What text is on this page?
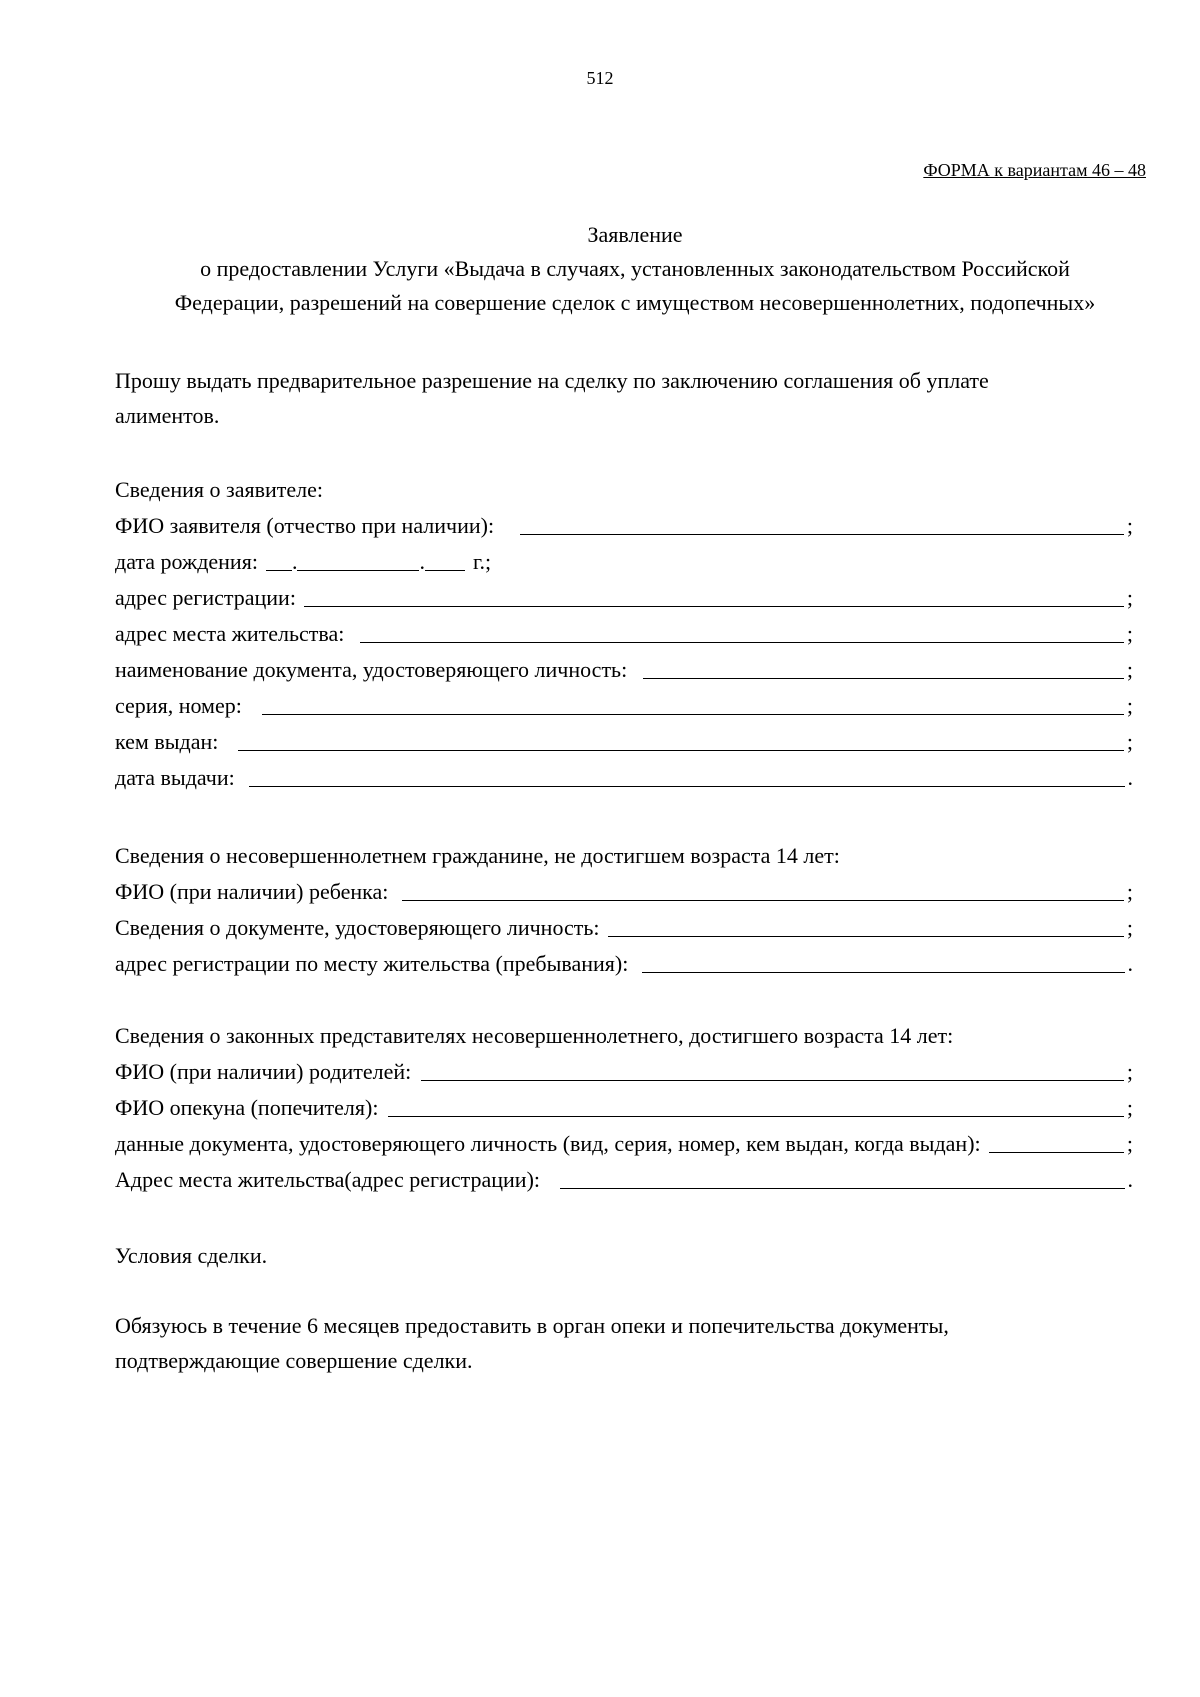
512
ФОРМА к вариантам 46 – 48
Заявление
о предоставлении Услуги «Выдача в случаях, установленных законодательством Российской
Федерации, разрешений на совершение сделок с имуществом несовершеннолетних, подопечных»
Прошу выдать предварительное разрешение на сделку по заключению соглашения об уплате
алиментов.
Сведения о заявителе:
ФИО заявителя (отчество при наличии):	;
дата рождения: .	. г.;
адрес регистрации:	;
адрес места жительства:	;
наименование документа, удостоверяющего личность:	;
серия, номер:	;
кем выдан:	;
дата выдачи:	.
Сведения о несовершеннолетнем гражданине, не достигшем возраста 14 лет:
ФИО (при наличии) ребенка:	;
Сведения о документе, удостоверяющего личность:	;
адрес регистрации по месту жительства (пребывания):	.
Сведения о законных представителях несовершеннолетнего, достигшего возраста 14 лет:
ФИО (при наличии) родителей:	;
ФИО опекуна (попечителя):	;
данные документа, удостоверяющего личность (вид, серия, номер, кем выдан, когда выдан):	;
Адрес места жительства(адрес регистрации):	.
Условия сделки.
Обязуюсь в течение 6 месяцев предоставить в орган опеки и попечительства документы,
подтверждающие совершение сделки.
